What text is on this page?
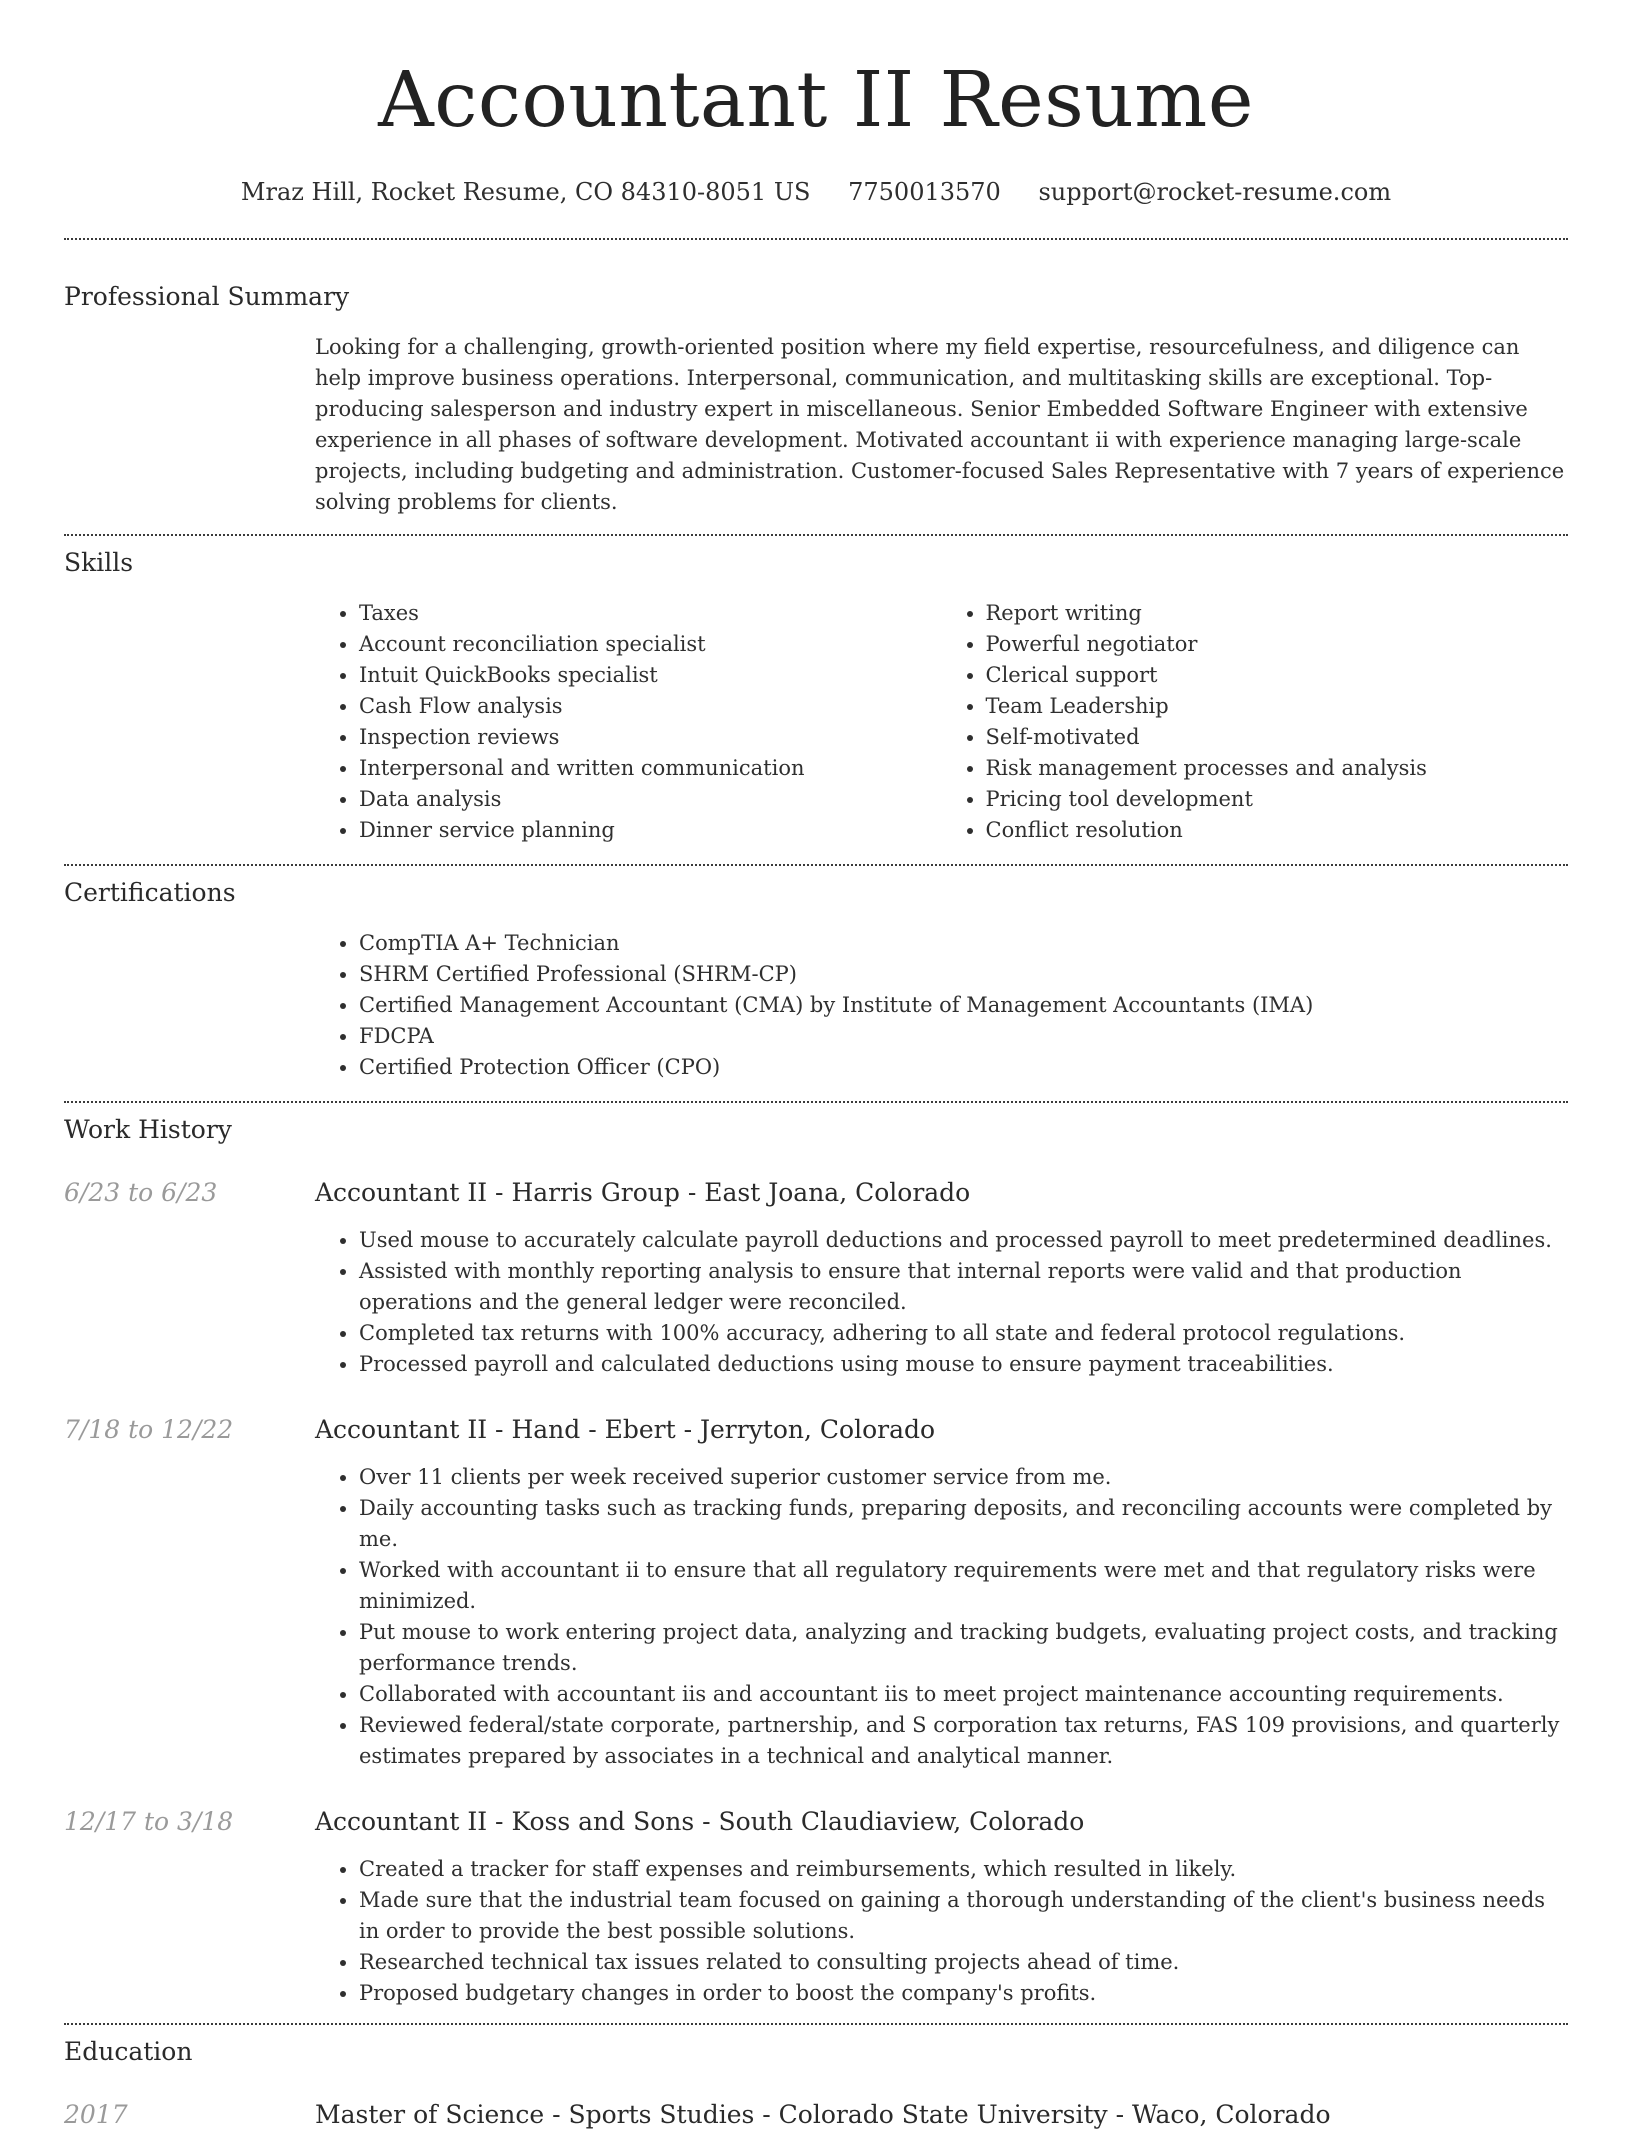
Accountant II Resume
Mraz Hill, Rocket Resume, CO 84310-8051 US 7750013570 support@rocket-resume.com
Professional Summary

Looking for a challenging, growth-oriented position where my field expertise, resourcefulness, and diligence can help improve business operations. Interpersonal, communication, and multitasking skills are exceptional. Top-producing salesperson and industry expert in miscellaneous. Senior Embedded Software Engineer with extensive experience in all phases of software development. Motivated accountant ii with experience managing large-scale projects, including budgeting and administration. Customer-focused Sales Representative with 7 years of experience solving problems for clients.

Skills
• Taxes
• Account reconciliation specialist
• Intuit QuickBooks specialist
• Cash Flow analysis
• Inspection reviews
• Interpersonal and written communication
• Data analysis
• Dinner service planning
• Report writing
• Powerful negotiator
• Clerical support
• Team Leadership
• Self-motivated
• Risk management processes and analysis
• Pricing tool development
• Conflict resolution
Certifications
• CompTIA A+ Technician
• SHRM Certified Professional (SHRM-CP)
• Certified Management Accountant (CMA) by Institute of Management Accountants (IMA)
• FDCPA
• Certified Protection Officer (CPO)
Work History
6/23 to 6/23	Accountant II - Harris Group - East Joana, Colorado
• Used mouse to accurately calculate payroll deductions and processed payroll to meet predetermined deadlines.
• Assisted with monthly reporting analysis to ensure that internal reports were valid and that production operations and the general ledger were reconciled.
• Completed tax returns with 100% accuracy, adhering to all state and federal protocol regulations.
• Processed payroll and calculated deductions using mouse to ensure payment traceabilities.
7/18 to 12/22	Accountant II - Hand - Ebert - Jerryton, Colorado
• Over 11 clients per week received superior customer service from me.
• Daily accounting tasks such as tracking funds, preparing deposits, and reconciling accounts were completed by me.
• Worked with accountant ii to ensure that all regulatory requirements were met and that regulatory risks were minimized.
• Put mouse to work entering project data, analyzing and tracking budgets, evaluating project costs, and tracking performance trends.
• Collaborated with accountant iis and accountant iis to meet project maintenance accounting requirements.
• Reviewed federal/state corporate, partnership, and S corporation tax returns, FAS 109 provisions, and quarterly estimates prepared by associates in a technical and analytical manner.
12/17 to 3/18	Accountant II - Koss and Sons - South Claudiaview, Colorado
• Created a tracker for staff expenses and reimbursements, which resulted in likely.
• Made sure that the industrial team focused on gaining a thorough understanding of the client's business needs in order to provide the best possible solutions.
• Researched technical tax issues related to consulting projects ahead of time.
• Proposed budgetary changes in order to boost the company's profits.
Education
2017	Master of Science - Sports Studies - Colorado State University - Waco, Colorado
